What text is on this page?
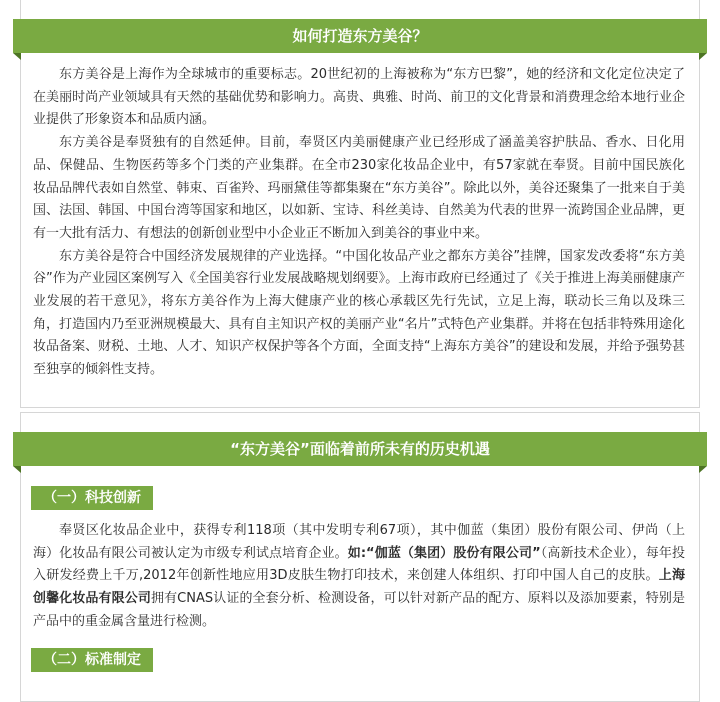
如何打造东方美谷？

东方美谷是上海作为全球城市的重要标志。20世纪初的上海被称为“东方巴黎”，她的经济和文化定位决定了在美丽时尚产业领域具有天然的基础优势和影响力。高贵、典雅、时尚、前卫的文化背景和消费理念给本地行业企业提供了形象资本和品质内涵。

东方美谷是奉贤独有的自然延伸。目前，奉贤区内美丽健康产业已经形成了涵盖美容护肤品、香水、日化用品、保健品、生物医药等多个门类的产业集群。在全市230家化妆品企业中，有57家就在奉贤。目前中国民族化妆品品牌代表如自然堂、韩束、百雀羚、玛丽黛佳等都集聚在“东方美谷”。除此以外，美谷还聚集了一批来自于美国、法国、韩国、中国台湾等国家和地区，以如新、宝诗、科丝美诗、自然美为代表的世界一流跨国企业品牌，更有一大批有活力、有想法的创新创业型中小企业正不断加入到美谷的事业中来。

东方美谷是符合中国经济发展规律的产业选择。“中国化妆品产业之都东方美谷”挂牌，国家发改委将“东方美谷”作为产业园区案例写入《全国美容行业发展战略规划纲要》。上海市政府已经通过了《关于推进上海美丽健康产业发展的若干意见》，将东方美谷作为上海大健康产业的核心承载区先行先试，立足上海，联动长三角以及珠三角，打造国内乃至亚洲规模最大、具有自主知识产权的美丽产业“名片”式特色产业集群。并将在包括非特殊用途化妆品备案、财税、土地、人才、知识产权保护等各个方面，全面支持“上海东方美谷”的建设和发展，并给予强势甚至独享的倾斜性支持。

“东方美谷”面临着前所未有的历史机遇
（一）科技创新

奉贤区化妆品企业中，获得专利118项（其中发明专利67项），其中伽蓝（集团）股份有限公司、伊尚（上海）化妆品有限公司被认定为市级专利试点培育企业。如:“伽蓝（集团）股份有限公司”（高新技术企业），每年投入研发经费上千万,2012年创新性地应用3D皮肤生物打印技术，来创建人体组织、打印中国人自己的皮肤。上海创馨化妆品有限公司拥有CNAS认证的全套分析、检测设备，可以针对新产品的配方、原料以及添加要素，特别是产品中的重金属含量进行检测。

（二）标准制定
